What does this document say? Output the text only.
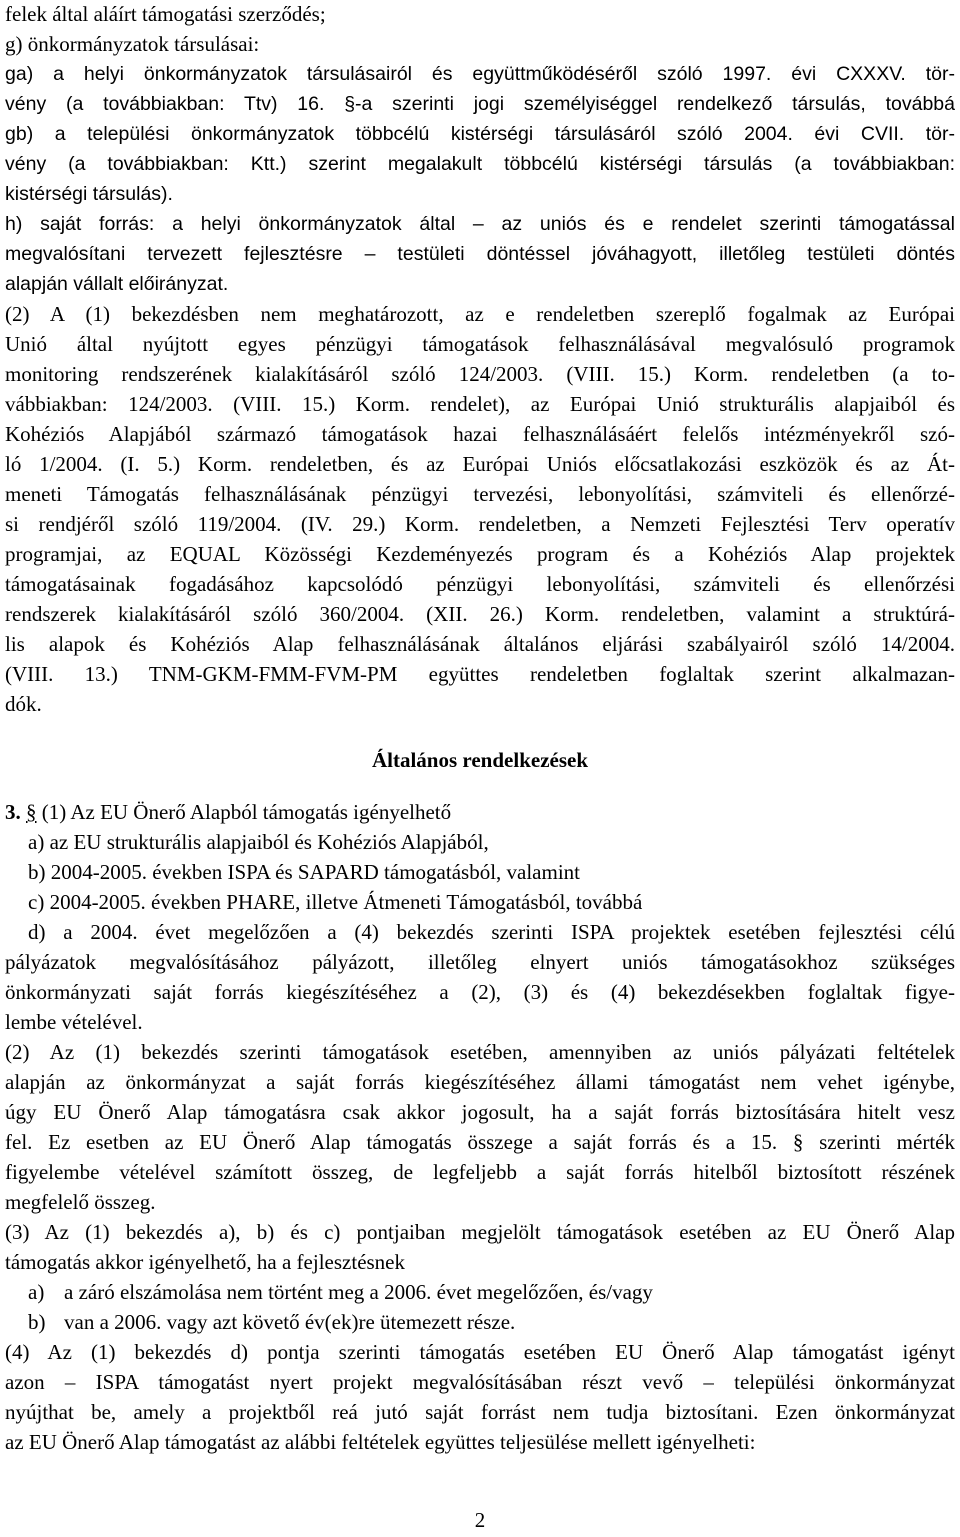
felek által aláírt támogatási szerződés;
g) önkormányzatok társulásai:
ga) a helyi önkormányzatok társulásairól és együttműködéséről szóló 1997. évi CXXXV. tör-
vény (a továbbiakban: Ttv) 16. §-a szerinti jogi személyiséggel rendelkező társulás, továbbá
gb) a települési önkormányzatok többcélú kistérségi társulásáról szóló 2004. évi CVII. tör-
vény (a továbbiakban: Ktt.) szerint megalakult többcélú kistérségi társulás (a továbbiakban:
kistérségi társulás).
h) saját forrás: a helyi önkormányzatok által – az uniós és e rendelet szerinti támogatással
megvalósítani tervezett fejlesztésre – testületi döntéssel jóváhagyott, illetőleg testületi döntés
alapján vállalt előirányzat.
(2) A (1) bekezdésben nem meghatározott, az e rendeletben szereplő fogalmak az Európai
Unió által nyújtott egyes pénzügyi támogatások felhasználásával megvalósuló programok
monitoring rendszerének kialakításáról szóló 124/2003. (VIII. 15.) Korm. rendeletben (a to-
vábbiakban: 124/2003. (VIII. 15.) Korm. rendelet), az Európai Unió strukturális alapjaiból és
Kohéziós Alapjából származó támogatások hazai felhasználásáért felelős intézményekről szó-
ló 1/2004. (I. 5.) Korm. rendeletben, és az Európai Uniós előcsatlakozási eszközök és az Át-
meneti Támogatás felhasználásának pénzügyi tervezési, lebonyolítási, számviteli és ellenőrzé-
si rendjéről szóló 119/2004. (IV. 29.) Korm. rendeletben, a Nemzeti Fejlesztési Terv operatív
programjai, az EQUAL Közösségi Kezdeményezés program és a Kohéziós Alap projektek
támogatásainak fogadásához kapcsolódó pénzügyi lebonyolítási, számviteli és ellenőrzési
rendszerek kialakításáról szóló 360/2004. (XII. 26.) Korm. rendeletben, valamint a struktúrá-
lis alapok és Kohéziós Alap felhasználásának általános eljárási szabályairól szóló 14/2004.
(VIII. 13.) TNM-GKM-FMM-FVM-PM együttes rendeletben foglaltak szerint alkalmazan-
dók.
Általános rendelkezések
3. § (1) Az EU Önerő Alapból támogatás igényelhető
a) az EU strukturális alapjaiból és Kohéziós Alapjából,
b) 2004-2005. években ISPA és SAPARD támogatásból, valamint
c) 2004-2005. években PHARE, illetve Átmeneti Támogatásból, továbbá
d) a 2004. évet megelőzően a (4) bekezdés szerinti ISPA projektek esetében fejlesztési célú
pályázatok megvalósításához pályázott, illetőleg elnyert uniós támogatásokhoz szükséges
önkormányzati saját forrás kiegészítéséhez a (2), (3) és (4) bekezdésekben foglaltak figye-
lembe vételével.
(2) Az (1) bekezdés szerinti támogatások esetében, amennyiben az uniós pályázati feltételek
alapján az önkormányzat a saját forrás kiegészítéséhez állami támogatást nem vehet igénybe,
úgy EU Önerő Alap támogatásra csak akkor jogosult, ha a saját forrás biztosítására hitelt vesz
fel. Ez esetben az EU Önerő Alap támogatás összege a saját forrás és a 15. § szerinti mérték
figyelembe vételével számított összeg, de legfeljebb a saját forrás hitelből biztosított részének
megfelelő összeg.
(3) Az (1) bekezdés a), b) és c) pontjaiban megjelölt támogatások esetében az EU Önerő Alap
támogatás akkor igényelhető, ha a fejlesztésnek
a) a záró elszámolása nem történt meg a 2006. évet megelőzően, és/vagy
b) van a 2006. vagy azt követő év(ek)re ütemezett része.
(4) Az (1) bekezdés d) pontja szerinti támogatás esetében EU Önerő Alap támogatást igényt
azon – ISPA támogatást nyert projekt megvalósításában részt vevő – települési önkormányzat
nyújthat be, amely a projektből reá jutó saját forrást nem tudja biztosítani. Ezen önkormányzat
az EU Önerő Alap támogatást az alábbi feltételek együttes teljesülése mellett igényelheti:
2
